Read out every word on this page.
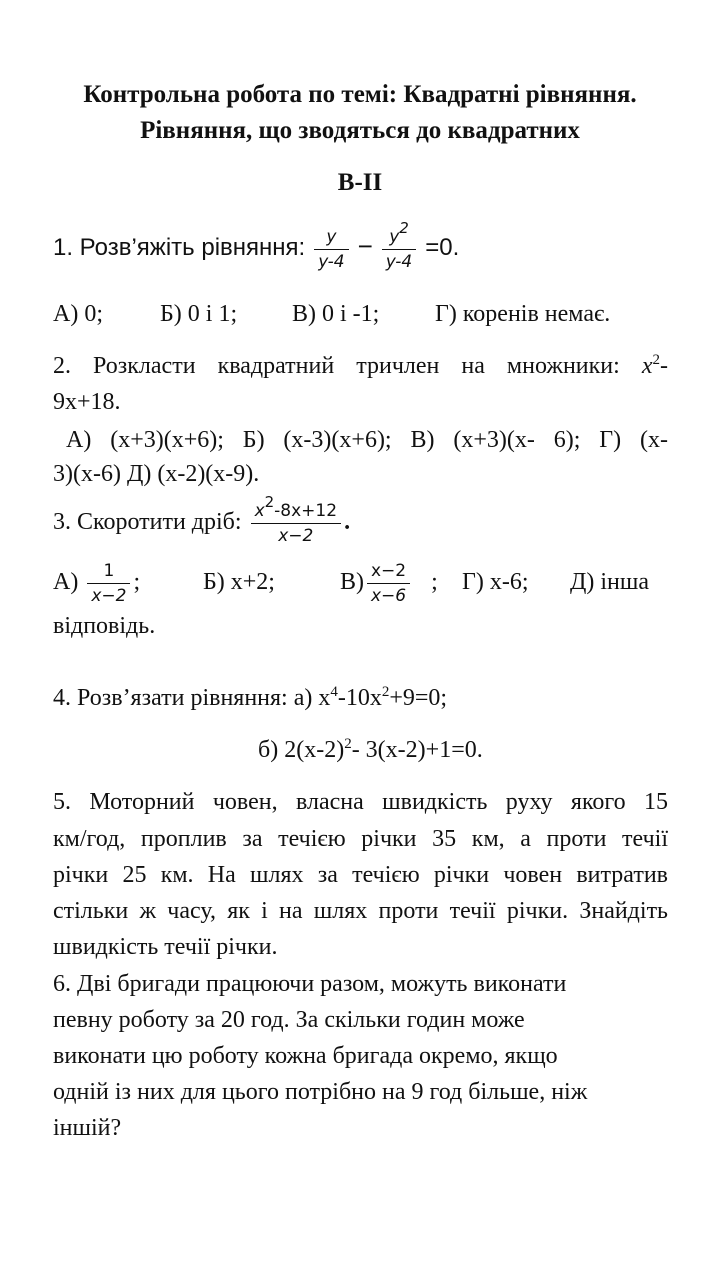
Контрольна робота по темі: Квадратні рівняння.
Рівняння, що зводяться до квадратних
В-ІІ
1. Розв’яжіть рівняння: $\frac{y}{y-4} - \frac{y^2}{y-4} =0$.
А) 0; Б) 0 і 1; В) 0 і -1; Г) коренів немає.
2. Розкласти квадратний тричлен на множники: $x^2-$
9x+18.
А) (x+3)(x+6); Б) (x-3)(x+6); В) (x+3)(x- 6); Г) (x-
3)(x-6) Д) (x-2)(x-9).
3. Скоротити дріб: $\frac{x^2-8x+12}{x-2}$ .
$А) \frac{1}{x-2}$ ;	Б) x+2;	$В) \frac{x-2}{x-6}$ ; Г) x-6; Д) інша
відповідь.
4. Розв’язати рівняння: а) $x^4-10x^2+9=0$;
б) $2(x-2)^2-$ 3(x-2)+1=0.
5. Моторний човен, власна швидкість руху якого 15
км/год, проплив за течією річки 35 км, а проти течії
річки 25 км. На шлях за течією річки човен витратив
стільки ж часу, як і на шлях проти течії річки. Знайдіть
швидкість течії річки.
6. Дві бригади працюючи разом, можуть виконати
певну роботу за 20 год. За скільки годин може
виконати цю роботу кожна бригада окремо, якщо
одній із них для цього потрібно на 9 год більше, ніж
іншій?
